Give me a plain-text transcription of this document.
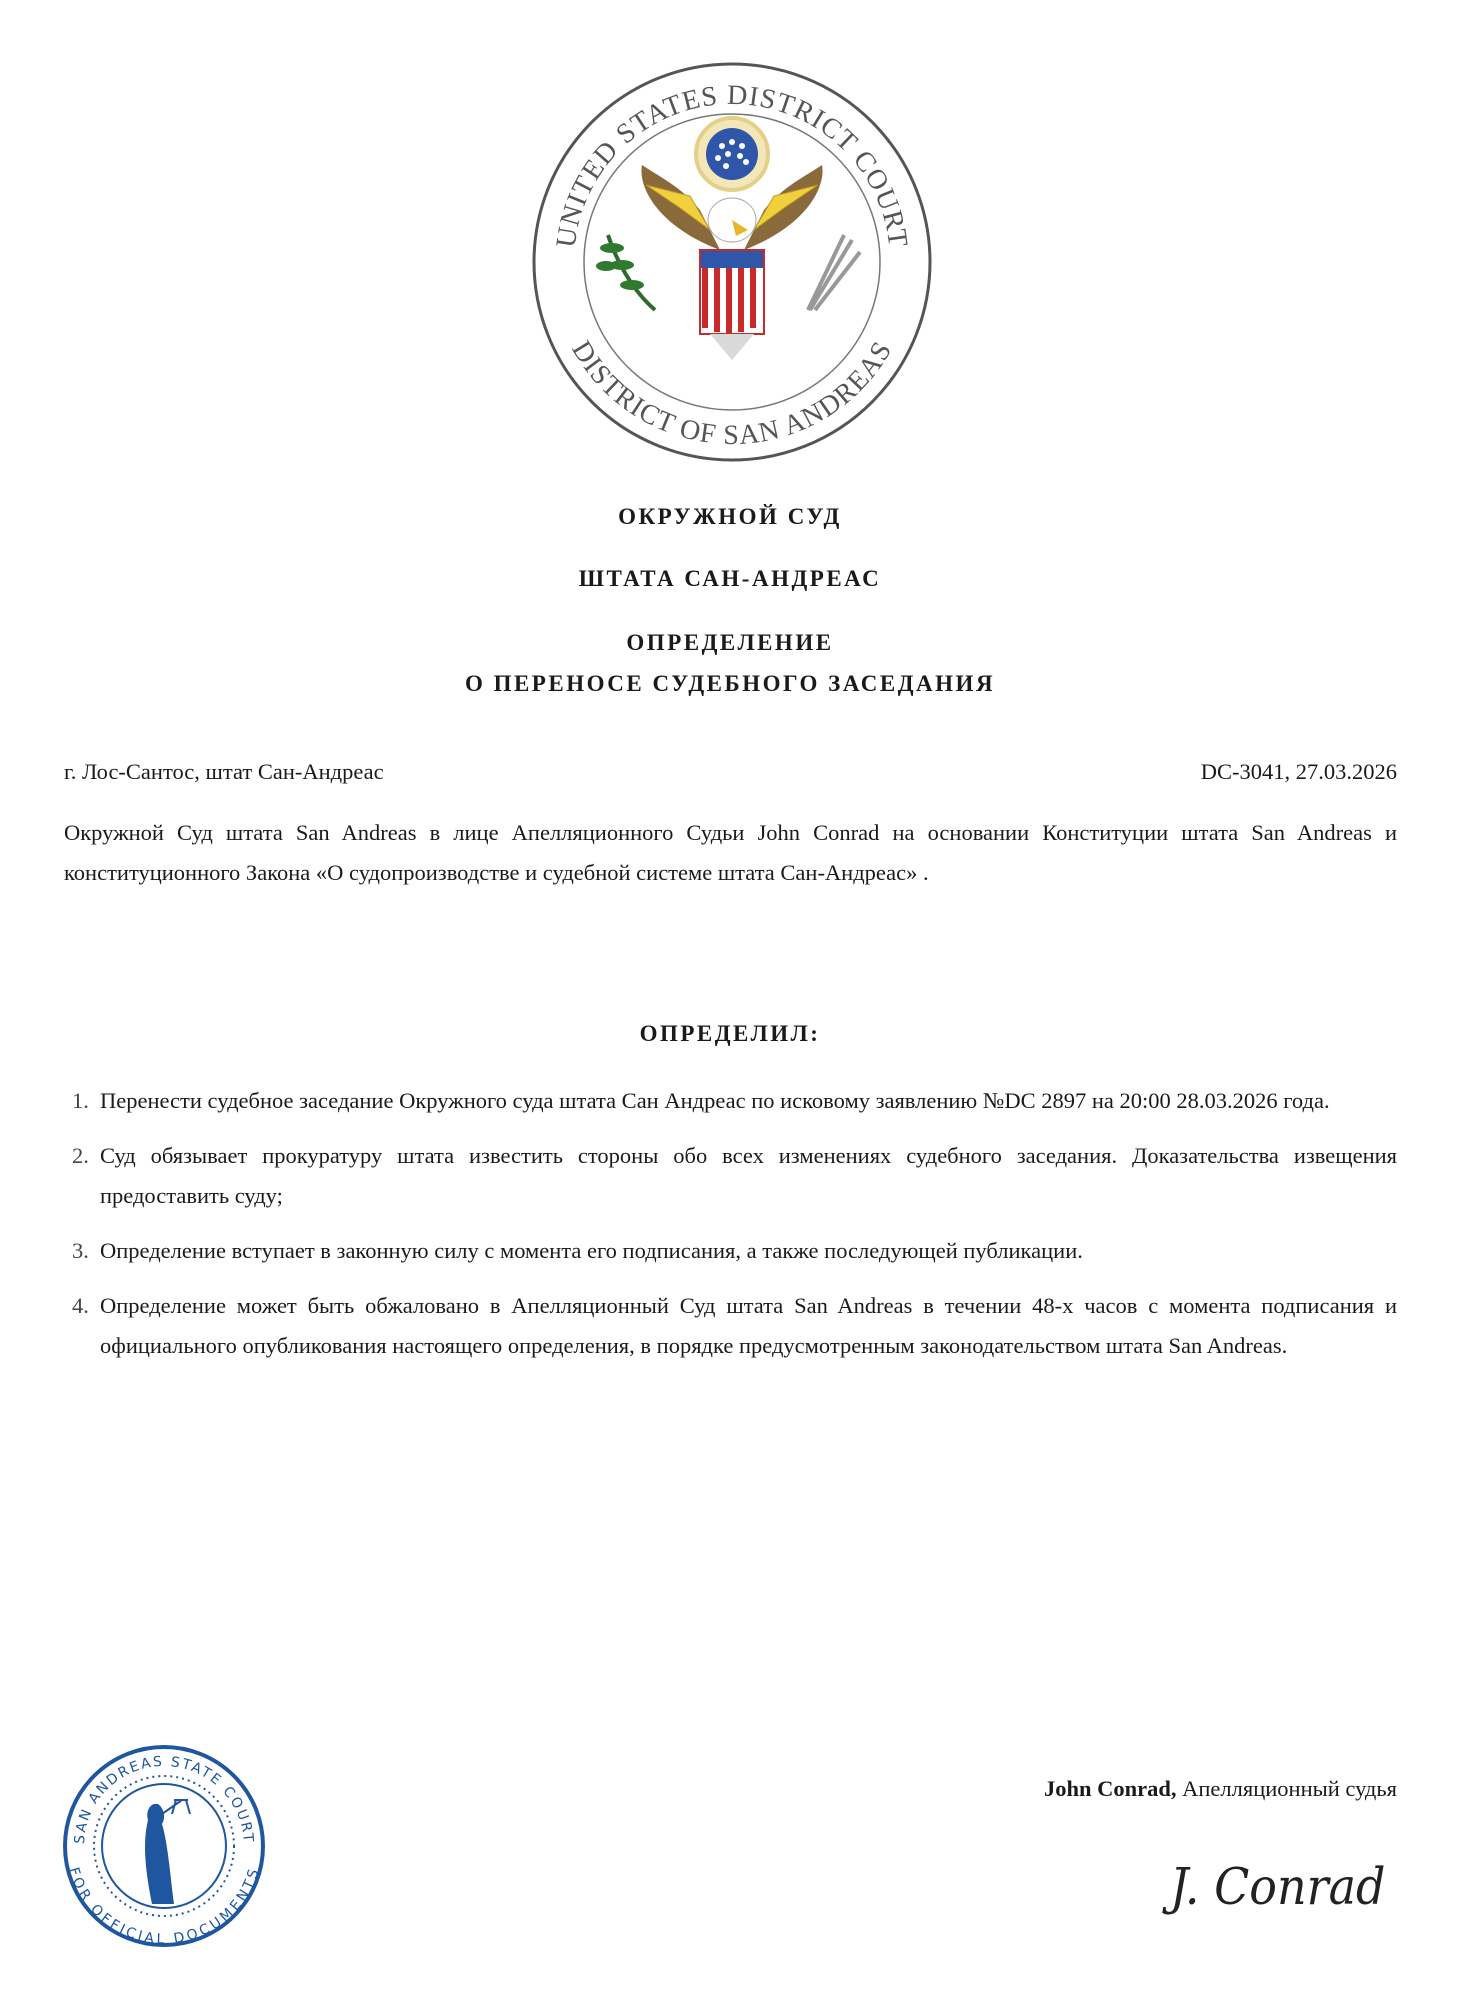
UNITED STATES DISTRICT COURT
DISTRICT OF SAN ANDREAS
ОКРУЖНОЙ СУД
ШТАТА САН-АНДРЕАС
ОПРЕДЕЛЕНИЕ
О ПЕРЕНОСЕ СУДЕБНОГО ЗАСЕДАНИЯ
г. Лос-Сантос, штат Сан-Андреас	DC-3041, 27.03.2026
Окружной Суд штата San Andreas в лице Апелляционного Судьи John Conrad на основании Конституции штата San Andreas и конституционного Закона «О судопроизводстве и судебной системе штата Сан-Андреас» .
ОПРЕДЕЛИЛ:
1. Перенести судебное заседание Окружного суда штата Сан Андреас по исковому заявлению №DC 2897 на 20:00 28.03.2026 года.
2. Суд обязывает прокуратуру штата известить стороны обо всех изменениях судебного заседания. Доказательства извещения предоставить суду;
3. Определение вступает в законную силу с момента его подписания, а также последующей публикации.
4. Определение может быть обжаловано в Апелляционный Суд штата San Andreas в течении 48-х часов с момента подписания и официального опубликования настоящего определения, в порядке предусмотренным законодательством штата San Andreas.
John Conrad, Апелляционный судья
J. Conrad
SAN ANDREAS STATE COURT
FOR OFFICIAL DOCUMENTS
